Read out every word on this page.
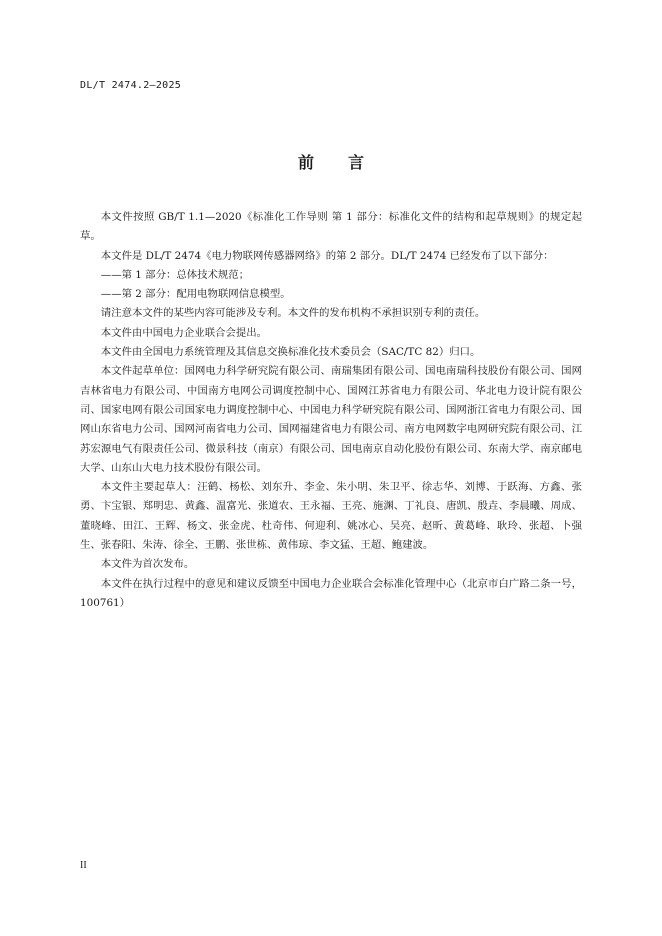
DL/T 2474.2—2025
前言

本文件按照 GB/T 1.1—2020《标准化工作导则 第 1 部分：标准化文件的结构和起草规则》的规定起草。

本文件是 DL/T 2474《电力物联网传感器网络》的第 2 部分。DL/T 2474 已经发布了以下部分：

——第 1 部分：总体技术规范；

——第 2 部分：配用电物联网信息模型。

请注意本文件的某些内容可能涉及专利。本文件的发布机构不承担识别专利的责任。

本文件由中国电力企业联合会提出。

本文件由全国电力系统管理及其信息交换标准化技术委员会（SAC/TC 82）归口。

本文件起草单位：国网电力科学研究院有限公司、南瑞集团有限公司、国电南瑞科技股份有限公司、国网吉林省电力有限公司、中国南方电网公司调度控制中心、国网江苏省电力有限公司、华北电力设计院有限公司、国家电网有限公司国家电力调度控制中心、中国电力科学研究院有限公司、国网浙江省电力有限公司、国网山东省电力公司、国网河南省电力公司、国网福建省电力有限公司、南方电网数字电网研究院有限公司、江苏宏源电气有限责任公司、微景科技（南京）有限公司、国电南京自动化股份有限公司、东南大学、南京邮电大学、山东山大电力技术股份有限公司。

本文件主要起草人：汪鹤、杨松、刘东升、李金、朱小明、朱卫平、徐志华、刘博、于跃海、方鑫、张勇、卞宝银、郑明忠、黄鑫、温富光、张道农、王永福、王亮、施渊、丁礼良、唐凯、殷垚、李晨曦、周成、董晓峰、田江、王辉、杨文、张金虎、杜奇伟、何迎利、姚冰心、吴亮、赵昕、黄葛峰、耿玲、张超、卜强生、张春阳、朱涛、徐全、王鹏、张世栋、黄伟琼、李文猛、王超、鲍建波。

本文件为首次发布。

本文件在执行过程中的意见和建议反馈至中国电力企业联合会标准化管理中心（北京市白广路二条一号，100761）

II
